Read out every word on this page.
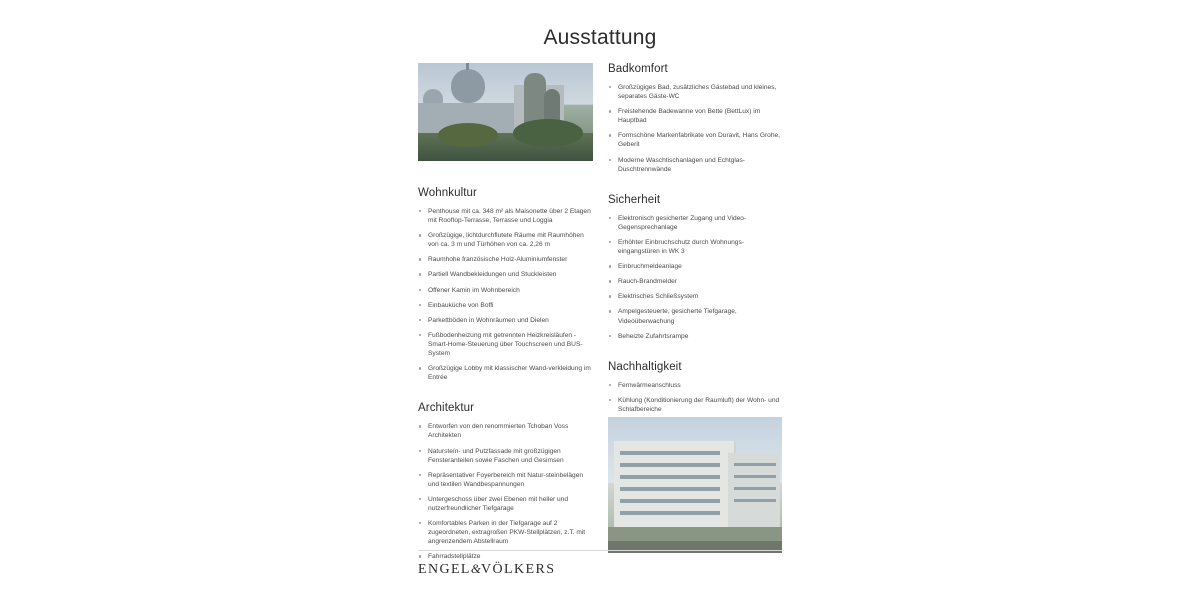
Ausstattung
Wohnkultur
Penthouse mit ca. 348 m² als Maisonette über 2 Etagen mit Rooftop-Terrasse, Terrasse und Loggia
Großzügige, lichtdurchflutete Räume mit Raumhöhen von ca. 3 m und Türhöhen von ca. 2,26 m
Raumhohe französische Holz-Aluminiumfenster
Partiell Wandbekleidungen und Stuckleisten
Offener Kamin im Wohnbereich
Einbauküche von Boffi
Parkettböden in Wohnräumen und Dielen
Fußbodenheizung mit getrennten Heizkreisläufen - Smart-Home-Steuerung über Touchscreen und BUS-System
Großzügige Lobby mit klassischer Wand-verkleidung im Entrée
Architektur
Entworfen von den renommierten Tchoban Voss Architekten
Natursteín- und Putzfassade mit großzügigen Fensteranteilen sowie Faschen und Gesimsen
Repräsentativer Foyerbereich mit Natur-steinbelägen und textilen Wandbespannungen
Untergeschoss über zwei Ebenen mit heller und nutzerfreundlicher Tiefgarage
Komfortables Parken in der Tiefgarage auf 2 zugeordneten, extragroßen PKW-Stellplätzen, z.T. mit angrenzendem Abstellraum
Fahrradstellplätze
Badkomfort
Großzügiges Bad, zusätzliches Gästebad und kleines, separates Gäste-WC
Freistehende Badewanne von Bette (BettLux) im Hauptbad
Formschöne Markenfabrikate von Duravit, Hans Grohe, Geberit
Moderne Waschtischanlagen und Echtglas-Duschtrennwände
Sicherheit
Elektronisch gesicherter Zugang und Video-Gegensprechanlage
Erhöhter Einbruchschutz durch Wohnungs-eingangstüren in WK 3
Einbruchmeldeanlage
Rauch-Brandmelder
Elektrisches Schließsystem
Ampelgesteuerte, gesicherte Tiefgarage, Videoüberwachung
Beheizte Zufahrtsrampe
Nachhaltigkeit
Fernwärmeanschluss
Kühlung (Konditionierung der Raumluft) der Wohn- und Schlafbereiche
ENGEL&VÖLKERS
